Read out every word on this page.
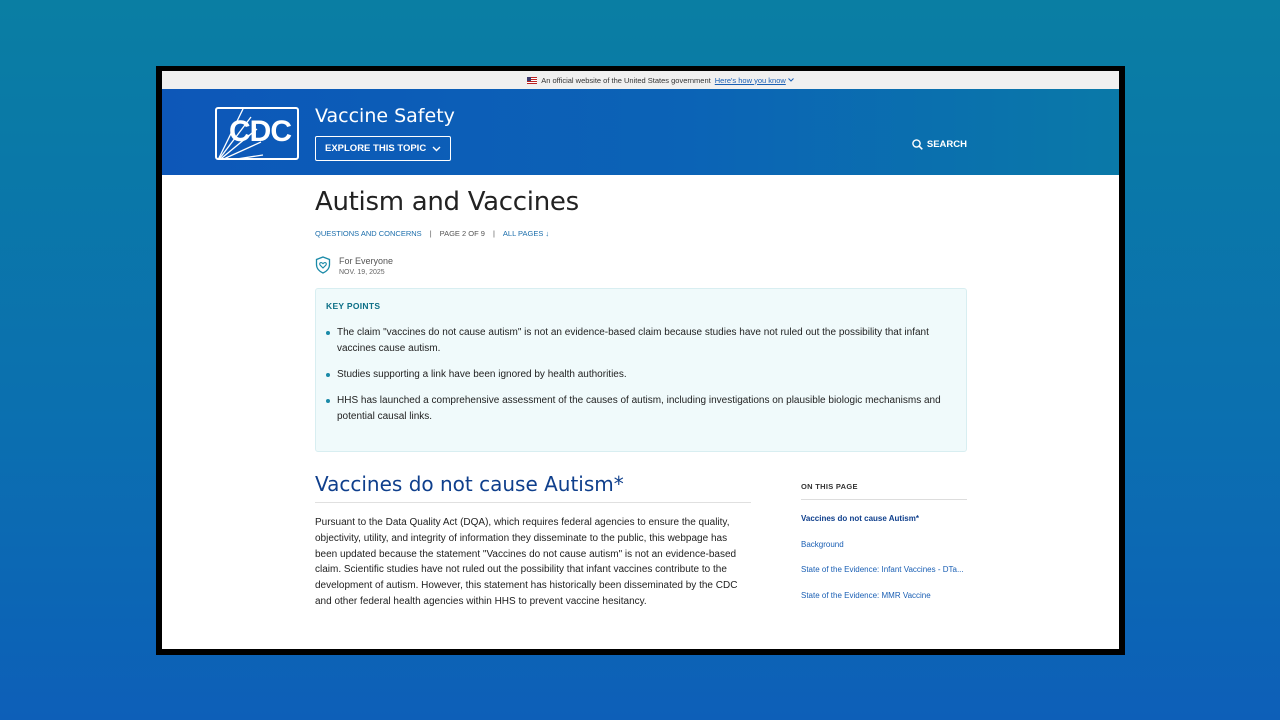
An official website of the United States government Here's how you know
CDC Vaccine Safety
EXPLORE THIS TOPIC	SEARCH
Autism and Vaccines
QUESTIONS AND CONCERNS | PAGE 2 OF 9 | ALL PAGES ↓
For Everyone
NOV. 19, 2025
KEY POINTS
The claim "vaccines do not cause autism" is not an evidence-based claim because studies have not ruled out the possibility that infant vaccines cause autism.
Studies supporting a link have been ignored by health authorities.
HHS has launched a comprehensive assessment of the causes of autism, including investigations on plausible biologic mechanisms and potential causal links.
Vaccines do not cause Autism*

Pursuant to the Data Quality Act (DQA), which requires federal agencies to ensure the quality, objectivity, utility, and integrity of information they disseminate to the public, this webpage has been updated because the statement "Vaccines do not cause autism" is not an evidence-based claim. Scientific studies have not ruled out the possibility that infant vaccines contribute to the development of autism. However, this statement has historically been disseminated by the CDC and other federal health agencies within HHS to prevent vaccine hesitancy.

ON THIS PAGE
Vaccines do not cause Autism*
Background
State of the Evidence: Infant Vaccines - DTa...
State of the Evidence: MMR Vaccine
